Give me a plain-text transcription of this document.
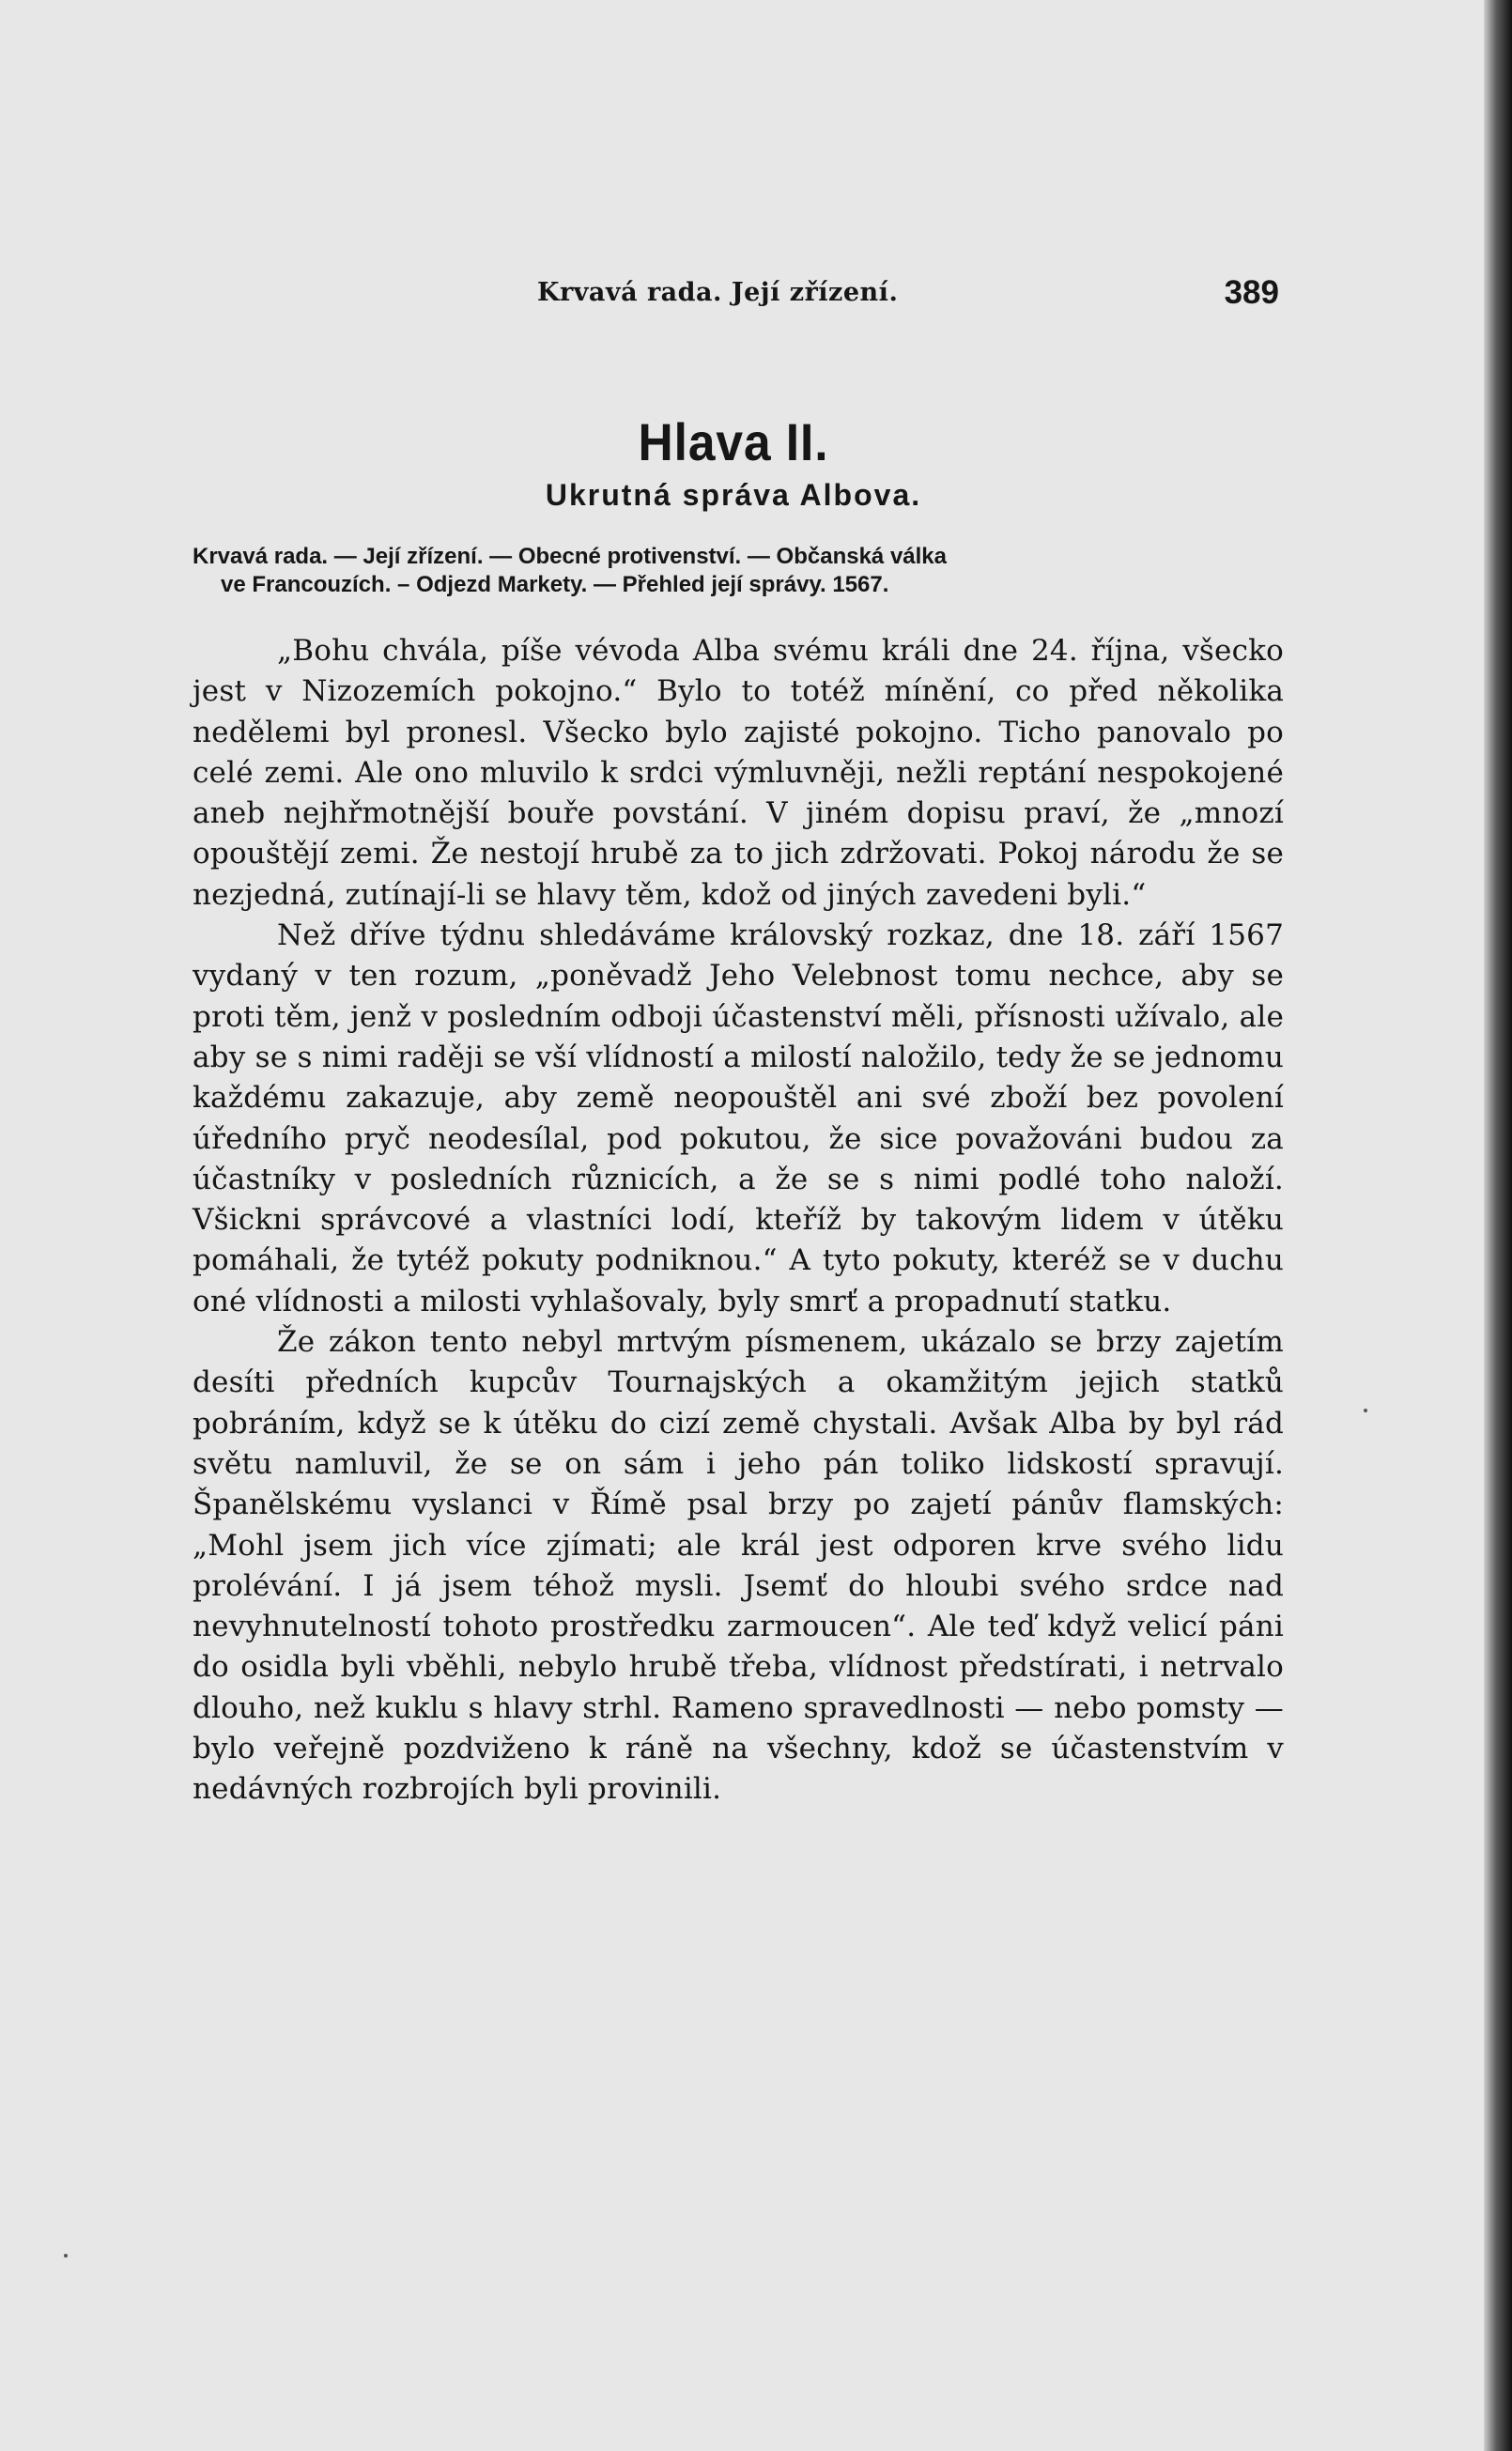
Krvavá rada. Její zřízení.	389
Hlava II.
Ukrutná správa Albova.
Krvavá rada. — Její zřízení. — Obecné protivenství. — Občanská válka
ve Francouzích. – Odjezd Markety. — Přehled její správy. 1567.

„Bohu chvála, píše vévoda Alba svému králi dne 24. října, všecko jest v Nizozemích pokojno.“ Bylo to totéž mínění, co před několika nedělemi byl pronesl. Všecko bylo zajisté pokojno. Ticho panovalo po celé zemi. Ale ono mluvilo k srdci výmluvněji, nežli reptání nespokojené aneb nejhřmotnější bouře povstání. V jiném dopisu praví, že „mnozí opouštějí zemi. Že nestojí hrubě za to jich zdržovati. Pokoj národu že se nezjedná, zutínají-li se hlavy těm, kdož od jiných zavedeni byli.“

Než dříve týdnu shledáváme královský rozkaz, dne 18. září 1567 vydaný v ten rozum, „poněvadž Jeho Velebnost tomu nechce, aby se proti těm, jenž v posledním odboji účastenství měli, přísnosti užívalo, ale aby se s nimi raději se vší vlídností a milostí naložilo, tedy že se jednomu každému zakazuje, aby země neopouštěl ani své zboží bez povolení úředního pryč neodesílal, pod pokutou, že sice považováni budou za účastníky v posledních různicích, a že se s nimi podlé toho naloží. Všickni správcové a vlastníci lodí, kteříž by takovým lidem v útěku pomáhali, že tytéž pokuty podniknou.“ A tyto pokuty, kteréž se v duchu oné vlídnosti a milosti vyhlašovaly, byly smrť a propadnutí statku.

Že zákon tento nebyl mrtvým písmenem, ukázalo se brzy zajetím desíti předních kupcův Tournajských a okamžitým jejich statků pobráním, když se k útěku do cizí země chystali. Avšak Alba by byl rád světu namluvil, že se on sám i jeho pán toliko lidskostí spravují. Španělskému vyslanci v Římě psal brzy po zajetí pánův flamských: „Mohl jsem jich více zjímati; ale král jest odporen krve svého lidu prolévání. I já jsem téhož mysli. Jsemť do hloubi svého srdce nad nevyhnutelností tohoto prostředku zarmoucen“. Ale teď když velicí páni do osidla byli vběhli, nebylo hrubě třeba, vlídnost předstírati, i netrvalo dlouho, než kuklu s hlavy strhl. Rameno spravedlnosti — nebo pomsty — bylo veřejně pozdviženo k ráně na všechny, kdož se účastenstvím v nedávných rozbrojích byli provinili.
